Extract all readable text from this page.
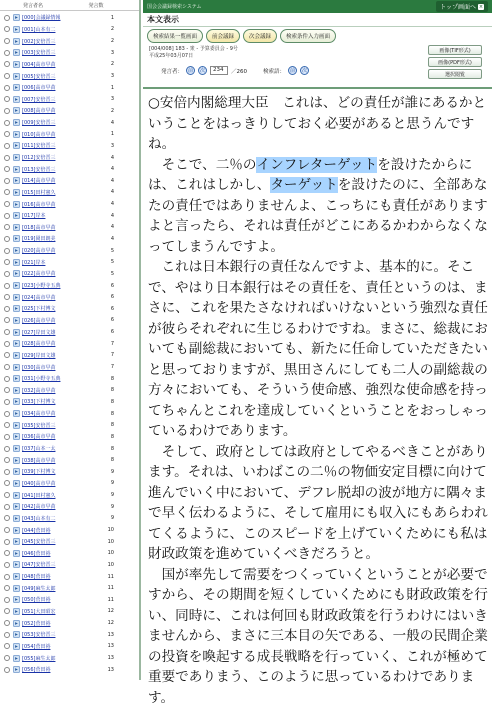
発言者名	発言数
[000]会議録情報	1
[001]山本有二	2
[002]安倍晋三	2
[003]安倍晋三	3
[004]高市早苗	2
[005]安倍晋三	3
[006]高市早苗	1
[007]安倍晋三	3
[008]高市早苗	2
[009]安倍晋三	4
[010]高市早苗	1
[011]安倍晋三	3
[012]安倍晋三	4
[013]安倍晋三	4
[014]高市早苗	4
[015]田村憲久	4
[016]高市早苗	4
[017]岸本	4
[018]高市早苗	4
[019]岡田朗美	4
[020]高市早苗	5
[021]岸本	5
[022]高市早苗	5
[023]小野寺五典	6
[024]高市早苗	6
[025]下村博文	6
[026]高市早苗	6
[027]岸田文雄	6
[028]高市早苗	7
[029]岸田文雄	7
[030]高市早苗	7
[031]小野寺五典	8
[032]高市早苗	8
[033]下村博文	8
[034]高市早苗	8
[035]安倍晋三	8
[036]高市早苗	8
[037]山本一太	8
[038]高市早苗	8
[039]下村博文	9
[040]高市早苗	9
[041]田村憲久	9
[042]高市早苗	9
[043]山本有二	9
[044]菅田裕	10
[045]安倍晋三	10
[046]菅田裕	10
[047]安倍晋三	10
[048]菅田裕	11
[049]麻生太郎	11
[050]菅田裕	11
[051]大田昭宏	12
[052]菅田裕	12
[053]安倍晋三	13
[054]菅田裕	13
[055]麻生太郎	13
[056]菅田裕	13
国会会議録検索システム	トップ画面へ ×
本文表示
検索結果一覧画面	前会議録	次会議録	検索条件入力画面
[004/008] 183 - 衆 - 予算委員会 - 9号
平成25年03月07日
発言者： 前	次	234	／260	検索語： 前	次
画像(TIF形式)
画像(PDF形式)
選択閲覧

○安倍内閣総理大臣　これは、どの責任が誰にあるかということをはっきりしておく必要があると思うんですね。

　そこで、二％のインフレターゲットを設けたからには、これはしかし、ターゲットを設けたのに、全部あなたの責任ではありませんよ、こっちにも責任がありますよと言ったら、それは責任がどこにあるかわからなくなってしまうんですよ。

　これは日本銀行の責任なんですよ、基本的に。そこで、やはり日本銀行はその責任を、責任というのは、まさに、これを果たさなければいけないという強烈な責任が彼らそれぞれに生じるわけですね。まさに、総裁においても副総裁においても、新たに任命していただきたいと思っておりますが、黒田さんにしても二人の副総裁の方々においても、そういう使命感、強烈な使命感を持ってちゃんとこれを達成していくということをおっしゃっているわけであります。

　そして、政府としては政府としてやるべきことがあります。それは、いわばこの二％の物価安定目標に向けて進んでいく中において、デフレ脱却の波が地方に隅々まで早く伝わるように、そして雇用にも収入にもあらわれてくるように、このスピードを上げていくためにも私は財政政策を進めていくべきだろうと。

　国が率先して需要をつくっていくということが必要ですから、その期間を短くしていくためにも財政政策を行い、同時に、これは何回も財政政策を行うわけにはいきませんから、まさに三本目の矢である、一般の民間企業の投資を喚起する成長戦略を行っていく、これが極めて重要でありまう、このように思っているわけであります。
